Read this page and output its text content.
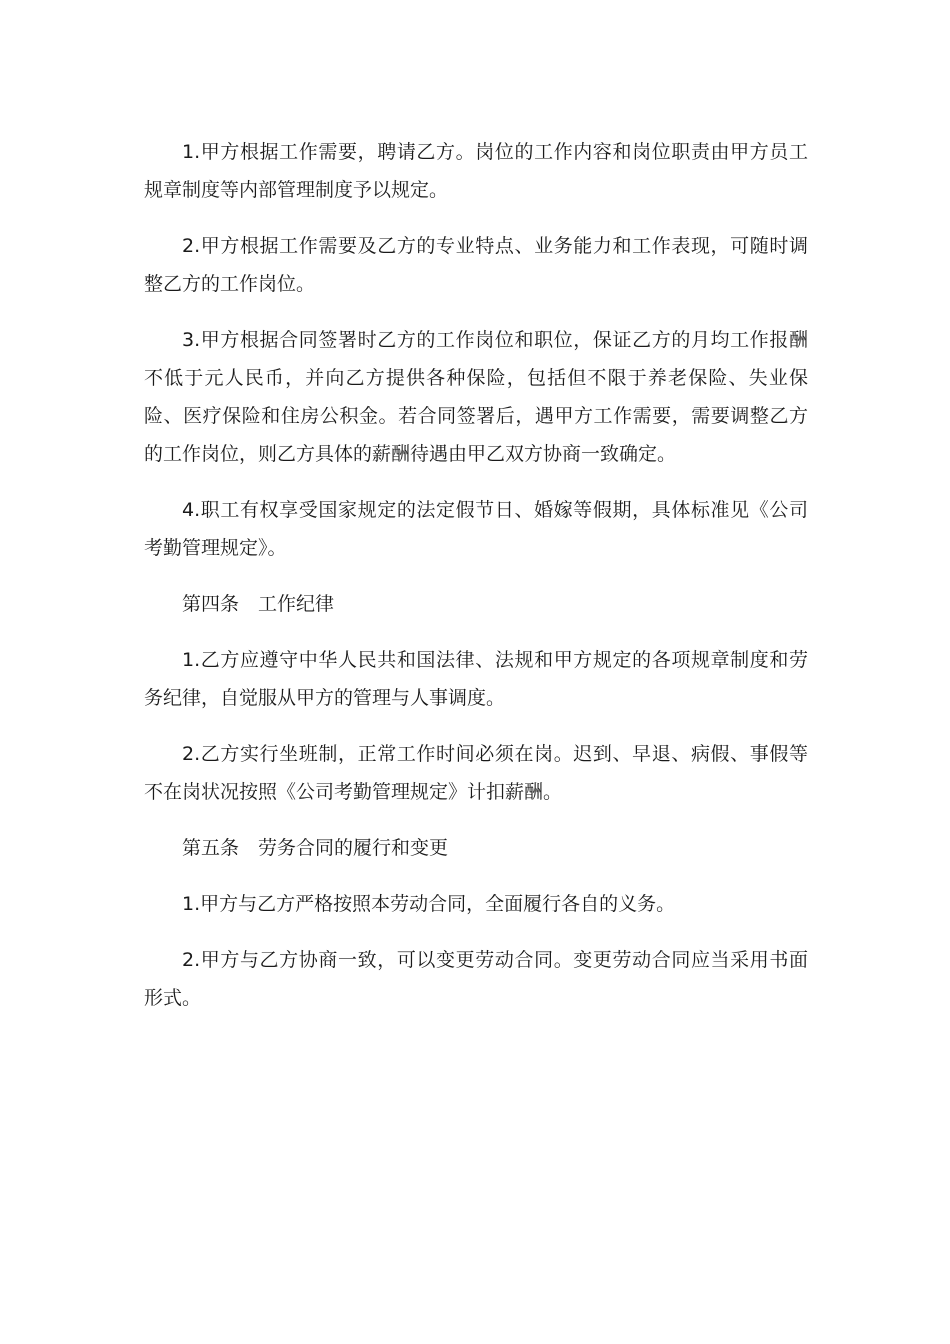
1.甲方根据工作需要，聘请乙方。岗位的工作内容和岗位职责由甲方员工规章制度等内部管理制度予以规定。

2.甲方根据工作需要及乙方的专业特点、业务能力和工作表现，可随时调整乙方的工作岗位。

3.甲方根据合同签署时乙方的工作岗位和职位，保证乙方的月均工作报酬不低于元人民币，并向乙方提供各种保险，包括但不限于养老保险、失业保险、医疗保险和住房公积金。若合同签署后，遇甲方工作需要，需要调整乙方的工作岗位，则乙方具体的薪酬待遇由甲乙双方协商一致确定。

4.职工有权享受国家规定的法定假节日、婚嫁等假期，具体标准见《公司考勤管理规定》。

第四条　工作纪律

1.乙方应遵守中华人民共和国法律、法规和甲方规定的各项规章制度和劳务纪律，自觉服从甲方的管理与人事调度。

2.乙方实行坐班制，正常工作时间必须在岗。迟到、早退、病假、事假等不在岗状况按照《公司考勤管理规定》计扣薪酬。

第五条　劳务合同的履行和变更

1.甲方与乙方严格按照本劳动合同，全面履行各自的义务。

2.甲方与乙方协商一致，可以变更劳动合同。变更劳动合同应当采用书面形式。
